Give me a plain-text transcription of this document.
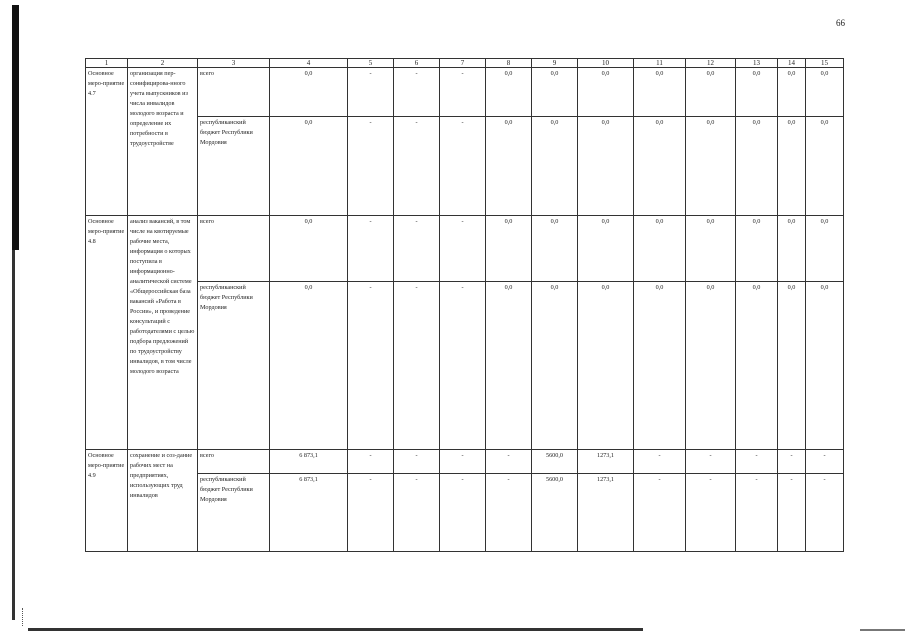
66
1	2	3	4	5	6	7	8	9	10	11	12	13	14	15
Основное меро-приятие 4.7	организация пер-сонифицирова-нного учета выпускников из числа инвалидов молодого возраста и определение их потребности в трудоустройстве	всего	0,0	-	-	-	0,0	0,0	0,0	0,0	0,0	0,0	0,0	0,0
		республиканский бюджет Республики Мордовия	0,0	-	-	-	0,0	0,0	0,0	0,0	0,0	0,0	0,0	0,0
Основное меро-приятие 4.8	анализ вакансий, в том числе на квотируемые рабочие места, информация о которых поступила в информационно-аналитической системе «Общероссийская база вакансий «Работа в России», и проведение консультаций с работодателями с целью подбора предложений по трудоустройству инвалидов, в том числе молодого возраста	всего	0,0	-	-	-	0,0	0,0	0,0	0,0	0,0	0,0	0,0	0,0
		республиканский бюджет Республики Мордовия	0,0	-	-	-	0,0	0,0	0,0	0,0	0,0	0,0	0,0	0,0
Основное меро-приятие 4.9	сохранение и соз-дание рабочих мест на предприятиях, использующих труд инвалидов	всего	6 873,1	-	-	-	-	5600,0	1273,1	-	-	-	-	-
		республиканский бюджет Республики Мордовия	6 873,1	-	-	-	-	5600,0	1273,1	-	-	-	-	-
